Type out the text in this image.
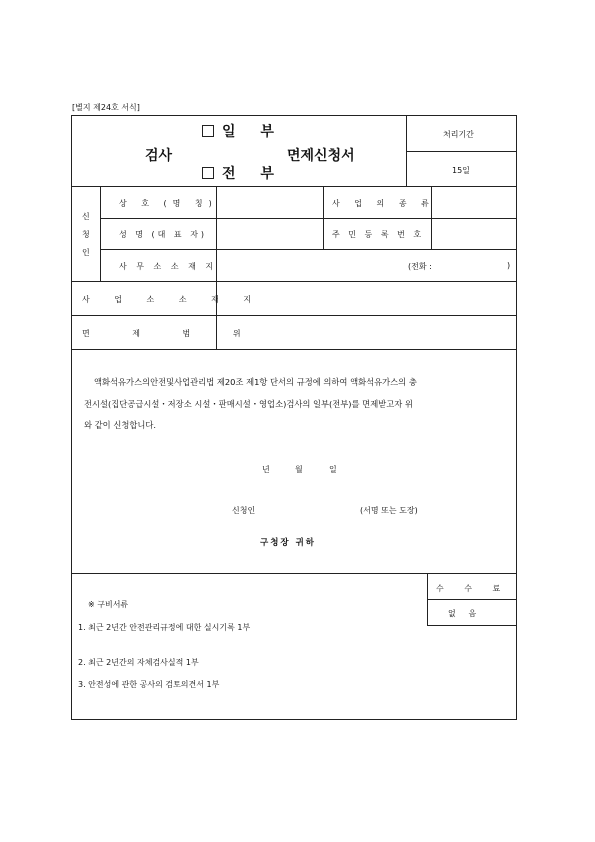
[별지 제24호 서식]
일 부
검사	면제신청서
전 부
처리기간
15일
신
청
인
상 호 (명 칭)	사 업 의 종 류
성 명 (대 표 자)	주 민 등 록 번 호
사 무 소 소 재 지	(전화 :	)
사 업 소 소 재 지
면 제 범 위
액화석유가스의안전및사업관리법 제20조 제1항 단서의 규정에 의하여 액화석유가스의 충
전시설(집단공급시설・저장소 시설・판매시설・영업소)검사의 일부(전부)를 면제받고자 위
와 같이 신청합니다.
년	월	일
신청인	(서명 또는 도장)
구청장 귀하
※ 구비서류
1. 최근 2년간 안전관리규정에 대한 실시기록 1부
2. 최근 2년간의 자체검사실적 1부
3. 안전성에 관한 공사의 검토의견서 1부
수 수 료
없     음
